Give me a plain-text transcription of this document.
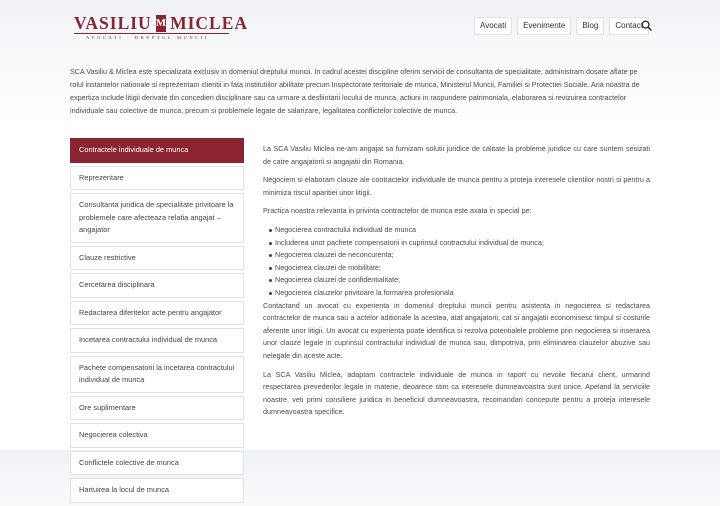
VASILIU M MICLEA
AVOCATI · DREPTUL MUNCII
Avocati	Evenimente	Blog	Contact

SCA Vasiliu & Miclea este specializata exclusiv in domeniul dreptului muncii. In cadrul acestei discipline oferim servicii de consultanta de specialitate, administram dosare aflate pe rolul instantelor nationale si reprezentam clientii in fata institutiilor abilitate precum Inspectorate teritoriale de munca, Ministerul Muncii, Familiei si Protectiei Sociale. Aria noastra de expertiza include litigii derivate din concedieri disciplinare sau ca urmare a desfiintarii locului de munca, actiuni in raspundere patrimoniala, elaborarea si revizuirea contractelor individuale sau colective de munca, precum si problemele legate de salarizare, legalitatea conflictelor colective de munca.

Contractele individuale de munca
Reprezentare
Consultanta juridica de specialitate privitoare la problemele care afecteaza relatia angajat – angajator
Clauze restrictive
Cercetarea disciplinara
Redactarea diferitelor acte pentru angajator
Incetarea contractului individual de munca
Pachete compensatorii la incetarea contractului individual de munca
Ore suplimentare
Negocierea colectiva
Conflictele colective de munca
Hartuirea la locul de munca

La SCA Vasiliu Miclea ne-am angajat sa furnizam solutii juridice de calitate la probleme juridice cu care suntem sesizati de catre angajatorii si angajatii din Romania.

Negociem si elaboram clauze ale contractelor individuale de munca pentru a proteja interesele clientilor nostri si pentru a minimiza riscul aparitiei unor litigii.

Practica noastra relevanta in privinta contractelor de munca este axata in special pe:

Negocierea contractului individual de munca
Includerea unor pachete compensatorii in cuprinsul contractului individual de munca;
Negocierea clauzei de neconcurenta;
Negocierea clauzei de mobilitate;
Negocierea clauzei de confidentialitate;
Negocierea clauzelor privitoare la formarea profesionala

Contactand un avocat cu experienta in domeniul dreptului muncii pentru asistenta in negocierea si redactarea contractelor de munca sau a actelor aditionale la acestea, atat angajatorii, cat si angajatii economisesc timpul si costurile aferente unor litigii. Un avocat cu experienta poate identifica si rezolva potentialele probleme prin negocierea si inserarea unor clauze legale in cuprinsul contractului individual de munca sau, dimpotriva, prin eliminarea clauzelor abuzive sau nelegale din aceste acte.

La SCA Vasiliu Miclea, adaptam contractele individuale de munca in raport cu nevoile fiecarui client, urmarind respectarea prevederilor legale in materie, deoarece stim ca interesele dumneavoastra sunt unice. Apeland la serviciile noastre, veti primi consiliere juridica in beneficiul dumneavoastra, recomandari concepute pentru a proteja interesele dumneavoastra specifice.
